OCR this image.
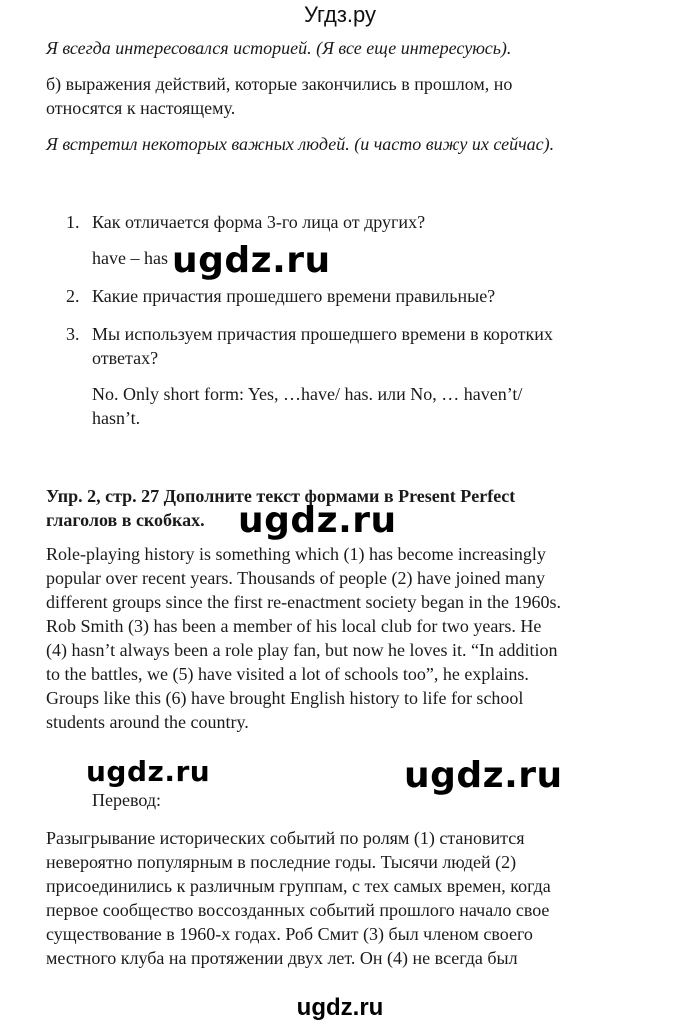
Угдз.ру
Я всегда интересовался историей. (Я все еще интересуюсь).
б) выражения действий, которые закончились в прошлом, но
относятся к настоящему.
Я встретил некоторых важных людей. (и часто вижу их сейчас).
1. Как отличается форма 3-го лица от других?
have – has
2. Какие причастия прошедшего времени правильные?
3. Мы используем причастия прошедшего времени в коротких
ответах?
No. Only short form: Yes, …have/ has. или No, … haven’t/
hasn’t.
Упр. 2, стр. 27 Дополните текст формами в Present Perfect
глаголов в скобках.
Role-playing history is something which (1) has become increasingly
popular over recent years. Thousands of people (2) have joined many
different groups since the first re-enactment society began in the 1960s.
Rob Smith (3) has been a member of his local club for two years. He
(4) hasn’t always been a role play fan, but now he loves it. “In addition
to the battles, we (5) have visited a lot of schools too”, he explains.
Groups like this (6) have brought English history to life for school
students around the country.
Перевод:
Разыгрывание исторических событий по ролям (1) становится
невероятно популярным в последние годы. Тысячи людей (2)
присоединились к различным группам, с тех самых времен, когда
первое сообщество воссозданных событий прошлого начало свое
существование в 1960-х годах. Роб Смит (3) был членом своего
местного клуба на протяжении двух лет. Он (4) не всегда был
ugdz.ru
ugdz.ru
ugdz.ru	ugdz.ru
ugdz.ru
